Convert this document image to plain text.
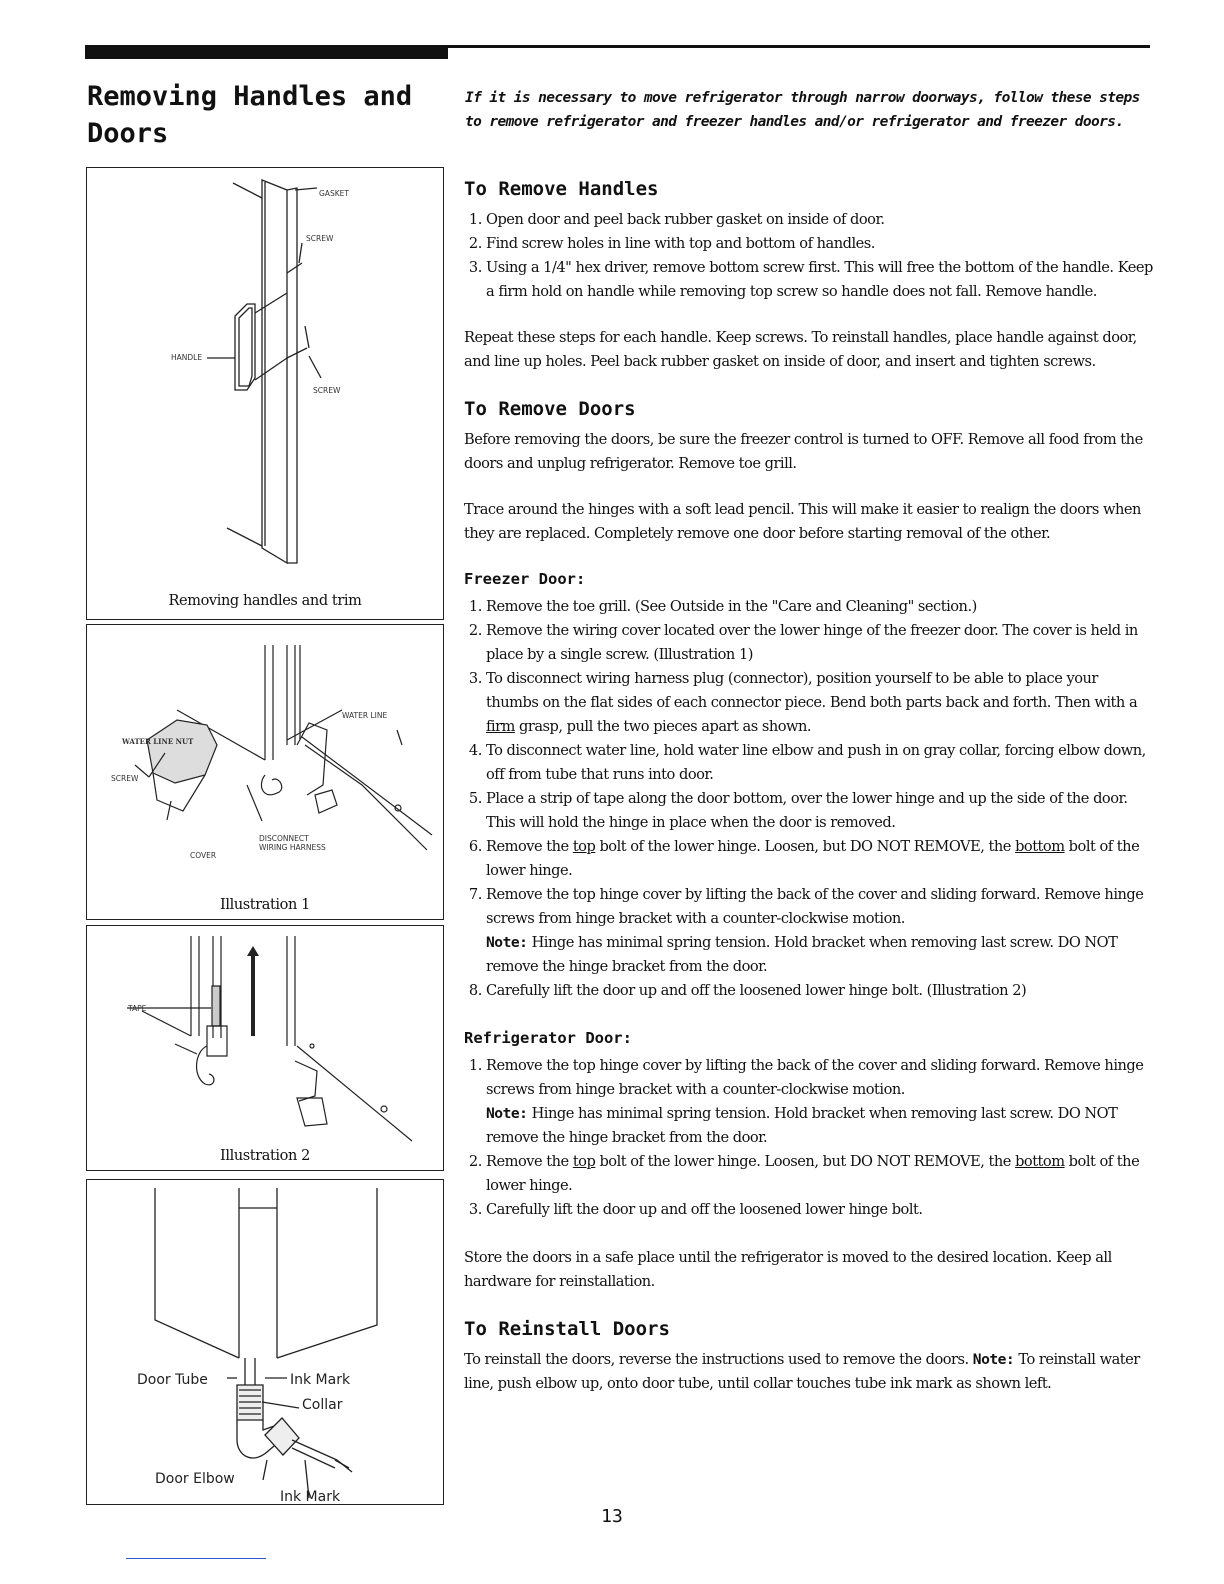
Removing Handles and Doors

If it is necessary to move refrigerator through narrow doorways, follow these steps to remove refrigerator and freezer handles and/or refrigerator and freezer doors.

GASKET
SCREW
HANDLE
SCREW
Removing handles and trim
WATER LINE
WATER LINE NUT
SCREW
DISCONNECT
WIRING HARNESS
COVER
Illustration 1
TAPE
Illustration 2
Door Tube	Ink Mark
Collar
Door Elbow
Ink Mark
To Remove Handles
1. Open door and peel back rubber gasket on inside of door.
2. Find screw holes in line with top and bottom of handles.
3. Using a 1/4" hex driver, remove bottom screw first. This will free the bottom of the handle. Keep a firm hold on handle while removing top screw so handle does not fall. Remove handle.

Repeat these steps for each handle. Keep screws. To reinstall handles, place handle against door, and line up holes. Peel back rubber gasket on inside of door, and insert and tighten screws.

To Remove Doors

Before removing the doors, be sure the freezer control is turned to OFF. Remove all food from the doors and unplug refrigerator. Remove toe grill.

Trace around the hinges with a soft lead pencil. This will make it easier to realign the doors when they are replaced. Completely remove one door before starting removal of the other.

Freezer Door:
1. Remove the toe grill. (See Outside in the "Care and Cleaning" section.)
2. Remove the wiring cover located over the lower hinge of the freezer door. The cover is held in place by a single screw. (Illustration 1)
3. To disconnect wiring harness plug (connector), position yourself to be able to place your thumbs on the flat sides of each connector piece. Bend both parts back and forth. Then with a firm grasp, pull the two pieces apart as shown.
4. To disconnect water line, hold water line elbow and push in on gray collar, forcing elbow down, off from tube that runs into door.
5. Place a strip of tape along the door bottom, over the lower hinge and up the side of the door. This will hold the hinge in place when the door is removed.
6. Remove the top bolt of the lower hinge. Loosen, but DO NOT REMOVE, the bottom bolt of the lower hinge.
7. Remove the top hinge cover by lifting the back of the cover and sliding forward. Remove hinge screws from hinge bracket with a counter-clockwise motion.
Note: Hinge has minimal spring tension. Hold bracket when removing last screw. DO NOT remove the hinge bracket from the door.
8. Carefully lift the door up and off the loosened lower hinge bolt. (Illustration 2)
Refrigerator Door:
1. Remove the top hinge cover by lifting the back of the cover and sliding forward. Remove hinge screws from hinge bracket with a counter-clockwise motion.
Note: Hinge has minimal spring tension. Hold bracket when removing last screw. DO NOT remove the hinge bracket from the door.
2. Remove the top bolt of the lower hinge. Loosen, but DO NOT REMOVE, the bottom bolt of the lower hinge.
3. Carefully lift the door up and off the loosened lower hinge bolt.

Store the doors in a safe place until the refrigerator is moved to the desired location. Keep all hardware for reinstallation.

To Reinstall Doors

To reinstall the doors, reverse the instructions used to remove the doors. Note: To reinstall water line, push elbow up, onto door tube, until collar touches tube ink mark as shown left.

13
